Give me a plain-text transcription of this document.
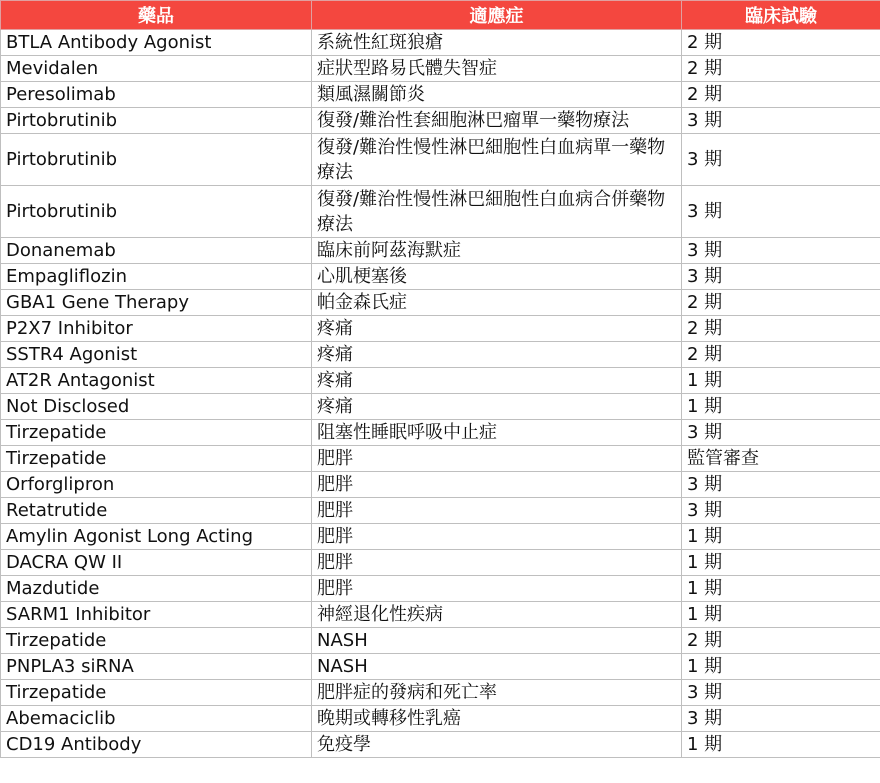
藥品	適應症	臨床試驗
BTLA Antibody Agonist	系統性紅斑狼瘡	2 期
Mevidalen	症狀型路易氏體失智症	2 期
Peresolimab	類風濕關節炎	2 期
Pirtobrutinib	復發/難治性套細胞淋巴瘤單一藥物療法	3 期
Pirtobrutinib	復發/難治性慢性淋巴細胞性白血病單一藥物療法	3 期
Pirtobrutinib	復發/難治性慢性淋巴細胞性白血病合併藥物療法	3 期
Donanemab	臨床前阿茲海默症	3 期
Empagliflozin	心肌梗塞後	3 期
GBA1 Gene Therapy	帕金森氏症	2 期
P2X7 Inhibitor	疼痛	2 期
SSTR4 Agonist	疼痛	2 期
AT2R Antagonist	疼痛	1 期
Not Disclosed	疼痛	1 期
Tirzepatide	阻塞性睡眠呼吸中止症	3 期
Tirzepatide	肥胖	監管審查
Orforglipron	肥胖	3 期
Retatrutide	肥胖	3 期
Amylin Agonist Long Acting	肥胖	1 期
DACRA QW II	肥胖	1 期
Mazdutide	肥胖	1 期
SARM1 Inhibitor	神經退化性疾病	1 期
Tirzepatide	NASH	2 期
PNPLA3 siRNA	NASH	1 期
Tirzepatide	肥胖症的發病和死亡率	3 期
Abemaciclib	晚期或轉移性乳癌	3 期
CD19 Antibody	免疫學	1 期
